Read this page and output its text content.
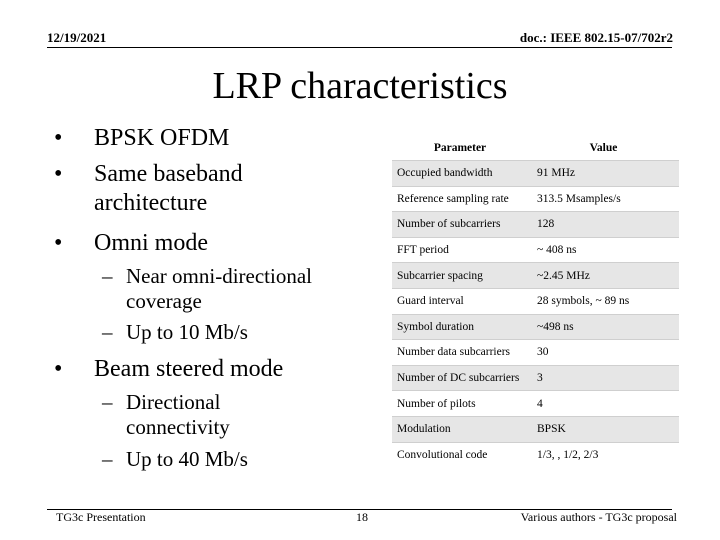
12/19/2021	doc.: IEEE 802.15-07/702r2
LRP characteristics
• BPSK OFDM
• Same baseband architecture
• Omni mode
– Near omni-directional coverage
– Up to 10 Mb/s
• Beam steered mode
– Directional connectivity
– Up to 40 Mb/s
Parameter	Value
Occupied bandwidth	91 MHz
Reference sampling rate	313.5 Msamples/s
Number of subcarriers	128
FFT period	~ 408 ns
Subcarrier spacing	~2.45 MHz
Guard interval	28 symbols, ~ 89 ns
Symbol duration	~498 ns
Number data subcarriers	30
Number of DC subcarriers	3
Number of pilots	4
Modulation	BPSK
Convolutional code	1/3, , 1/2, 2/3
TG3c Presentation	18	Various authors - TG3c proposal
